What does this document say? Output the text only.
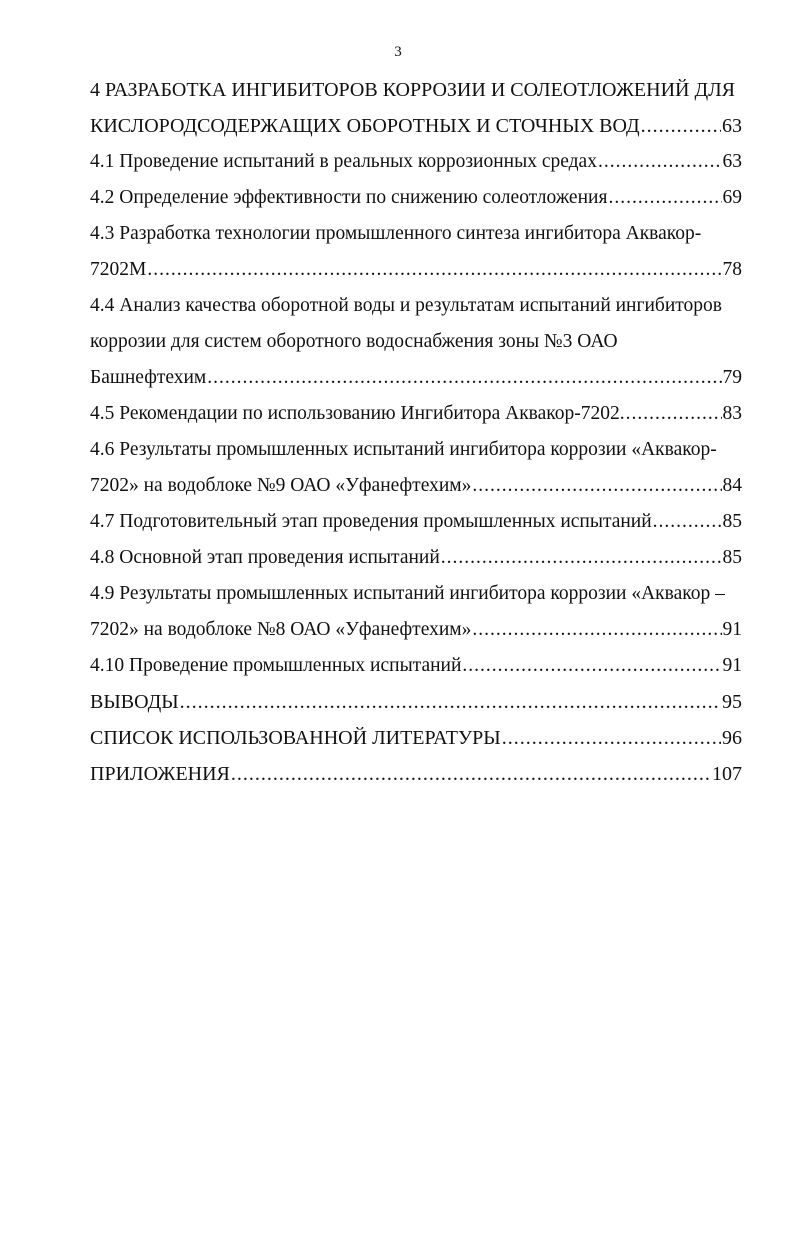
3
4 РАЗРАБОТКА ИНГИБИТОРОВ КОРРОЗИИ И СОЛЕОТЛОЖЕНИЙ ДЛЯ
КИСЛОРОДСОДЕРЖАЩИХ ОБОРОТНЫХ И СТОЧНЫХ ВОД .....	63
4.1 Проведение испытаний в реальных коррозионных средах .....	63
4.2 Определение эффективности по снижению солеотложения .....	69
4.3 Разработка технологии промышленного синтеза ингибитора Аквакор-
7202М .....	78
4.4 Анализ качества оборотной воды и результатам испытаний ингибиторов
коррозии для систем оборотного водоснабжения зоны №3 ОАО
Башнефтехим .....	79
4.5 Рекомендации по использованию Ингибитора Аквакор-7202. .....	83
4.6 Результаты промышленных испытаний ингибитора коррозии «Аквакор-
7202» на водоблоке №9 ОАО «Уфанефтехим» .....	84
4.7 Подготовительный этап проведения промышленных испытаний .....	85
4.8 Основной этап проведения испытаний .....	85
4.9 Результаты промышленных испытаний ингибитора коррозии «Аквакор –
7202» на водоблоке №8 ОАО «Уфанефтехим» .....	91
4.10 Проведение промышленных испытаний .....	91
ВЫВОДЫ .....	95
СПИСОК ИСПОЛЬЗОВАННОЙ ЛИТЕРАТУРЫ .....	96
ПРИЛОЖЕНИЯ .....	107
